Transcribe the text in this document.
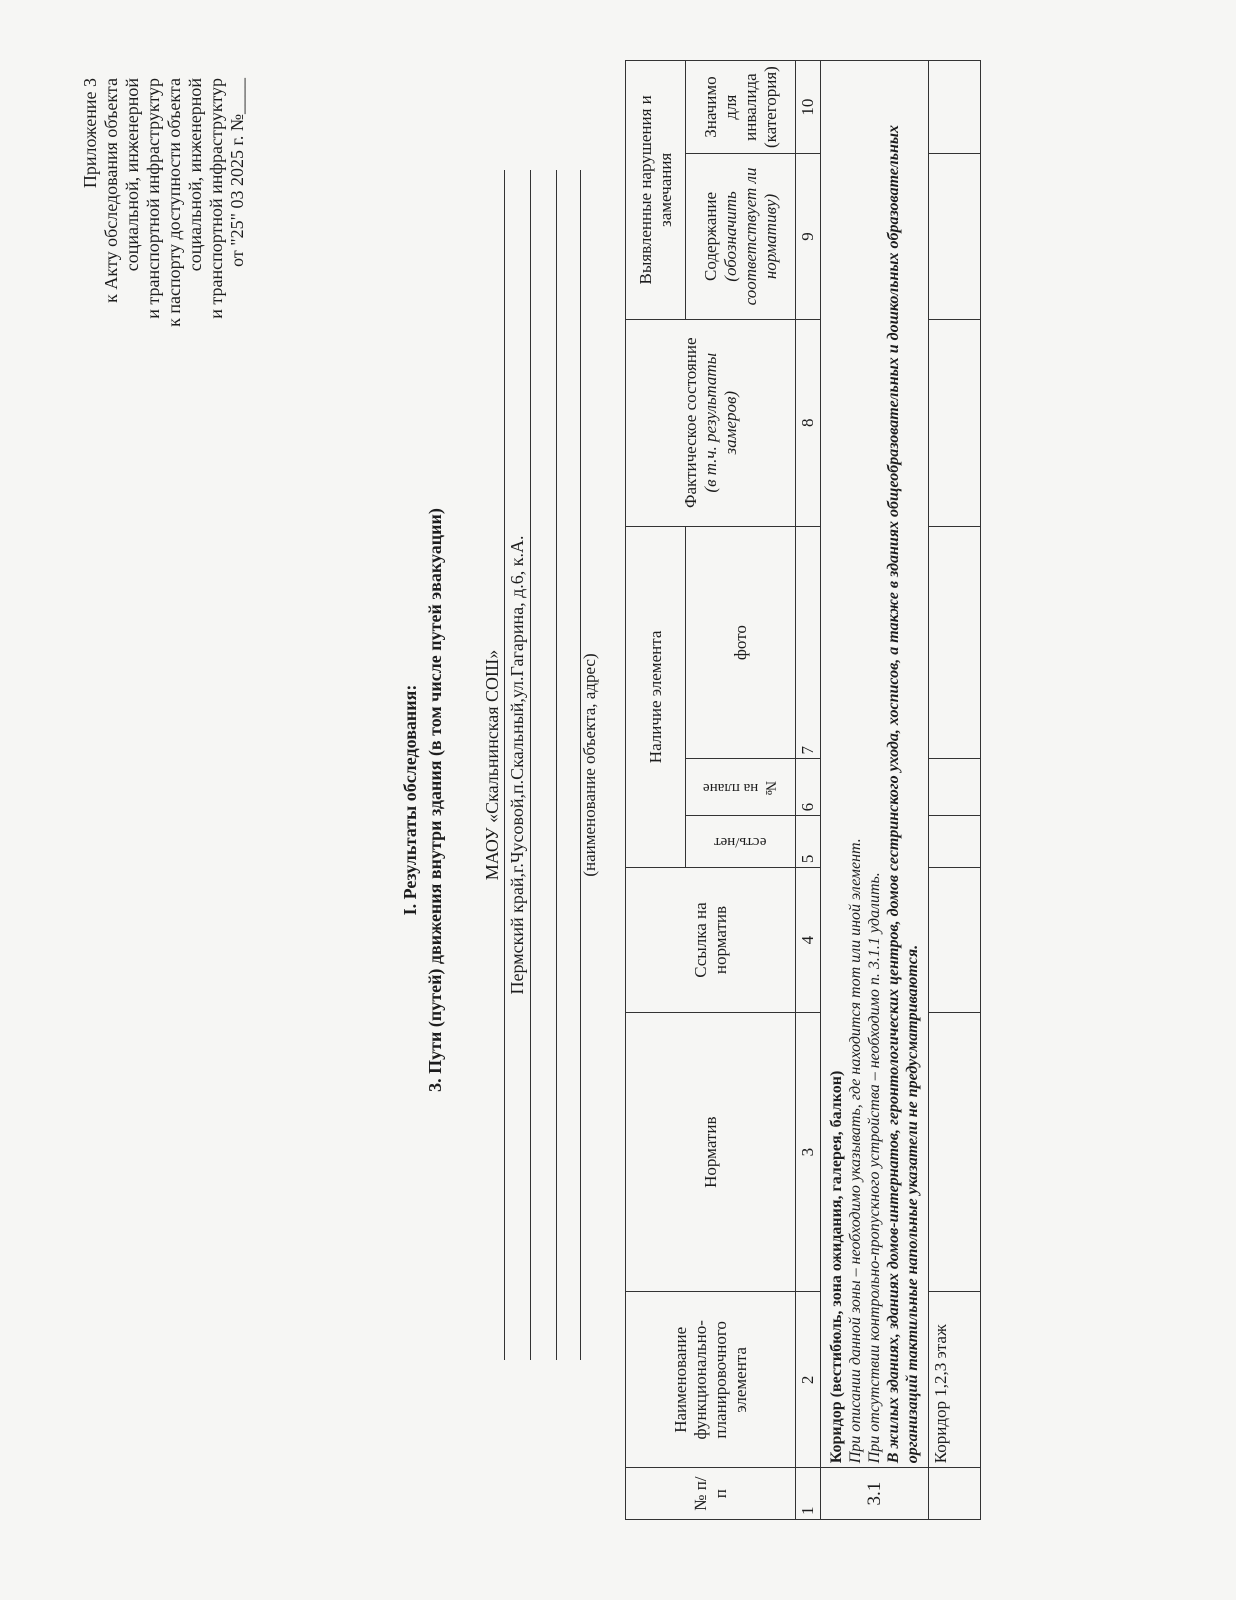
Приложение 3 к Акту обследования объекта социальной, инженерной и транспортной инфраструктур к паспорту доступности объекта социальной, инженерной и транспортной инфраструктур от "25" 03 2025 г. №____
I. Результаты обследования: 3. Пути (путей) движения внутри здания (в том числе путей эвакуации) МАОУ «Скальнинская СОШ» Пермский край,г.Чусовой,п.Скальный,ул.Гагарина, д.6, к.А.	(наименование объекта, адрес)
№ п/п	Наименование функционально-планировочного элемента	Норматив	Ссылка на норматив	Наличие элемента			Фактическое состояние (в т.ч. результаты замеров)	Выявленные нарушения и замечания	

				есть/нет	№ на плане	фото		Содержание (обозначить соответствует ли нормативу)	Значимо для инвалида (категория)
1	2	3	4	5	6	7	8	9	10
3.1	Коридор (вестибюль, зона ожидания, галерея, балкон) При описании данной зоны – необходимо указывать, где находится тот или иной элемент. При отсутствии контрольно-пропускного устройства – необходимо п. 3.1.1 удалить. В жилых зданиях, зданиях домов-интернатов, геронтологических центров, домов сестринского ухода, хосписов, а также в зданиях общеобразовательных и дошкольных образовательных организаций тактильные напольные указатели не предусматриваются.								

	Коридор 1,2,3 этаж								
